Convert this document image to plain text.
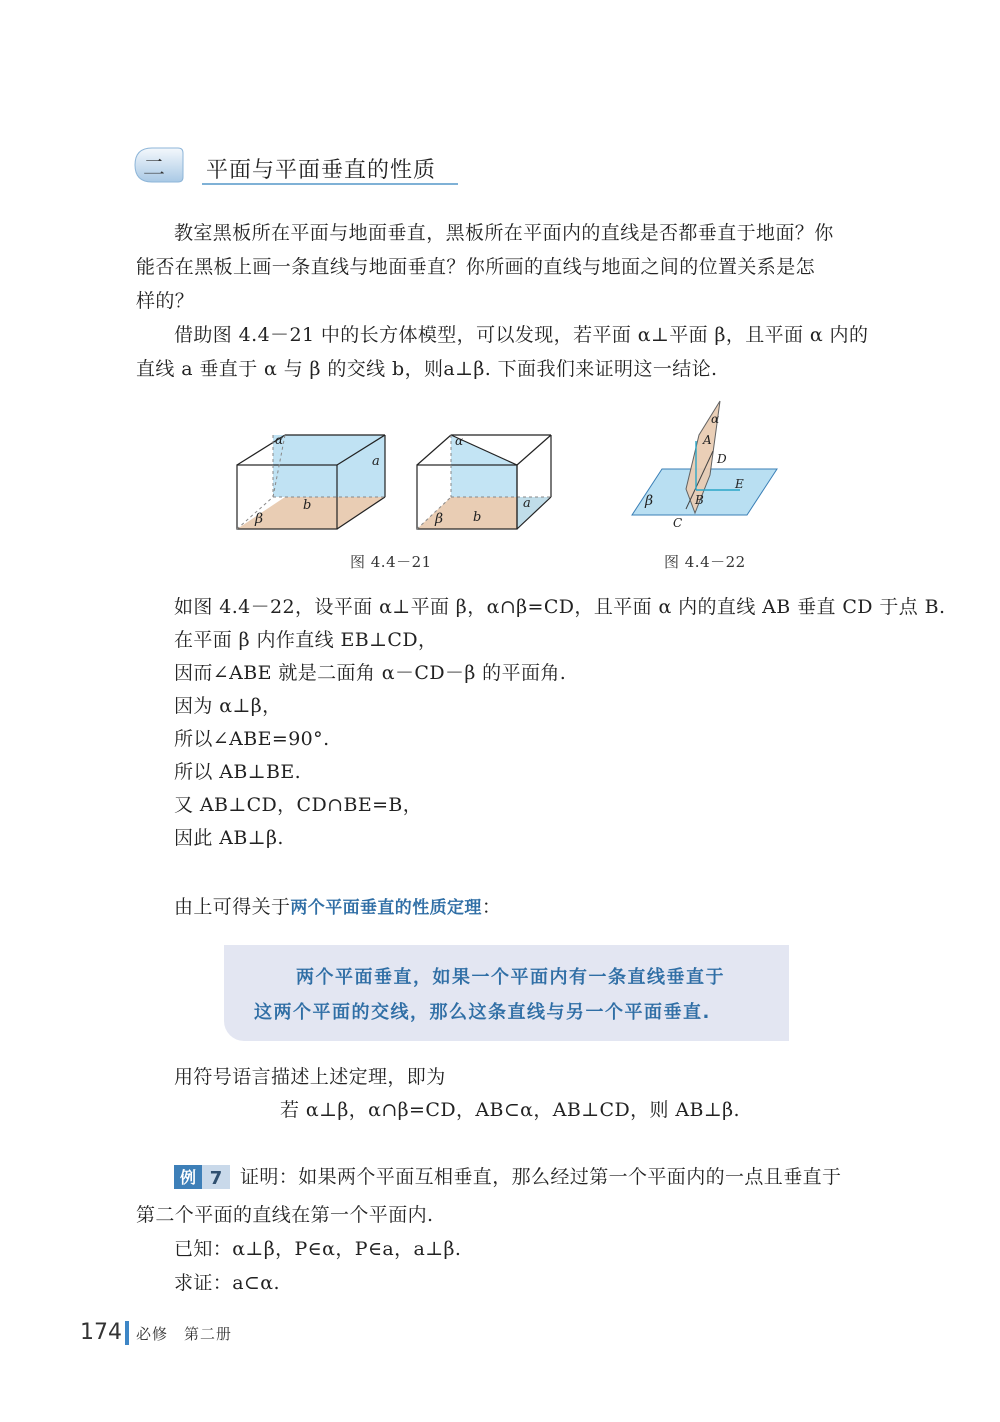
二 平面与平面垂直的性质
教室黑板所在平面与地面垂直，黑板所在平面内的直线是否都垂直于地面？你
能否在黑板上画一条直线与地面垂直？你所画的直线与地面之间的位置关系是怎
样的？
借助图 4.4－21 中的长方体模型，可以发现，若平面 α⊥平面 β，且平面 α 内的
直线 a 垂直于 α 与 β 的交线 b，则a⊥β. 下面我们来证明这一结论.
α
a
b
β
α
a
b
β
图 4.4－21
α
A
D
E
B
β
C
图 4.4－22
如图 4.4－22，设平面 α⊥平面 β，α∩β=CD，且平面 α 内的直线 AB 垂直 CD 于点 B.
在平面 β 内作直线 EB⊥CD，
因而∠ABE 就是二面角 α－CD－β 的平面角.
因为 α⊥β，
所以∠ABE=90°.
所以 AB⊥BE.
又 AB⊥CD，CD∩BE=B，
因此 AB⊥β.
由上可得关于两个平面垂直的性质定理：
两个平面垂直，如果一个平面内有一条直线垂直于
这两个平面的交线，那么这条直线与另一个平面垂直.
用符号语言描述上述定理，即为
若 α⊥β，α∩β=CD，AB⊂α，AB⊥CD，则 AB⊥β.
例 7 证明：如果两个平面互相垂直，那么经过第一个平面内的一点且垂直于
第二个平面的直线在第一个平面内.
已知：α⊥β，P∈α，P∈a，a⊥β.
求证：a⊂α.
174 必修　第二册
